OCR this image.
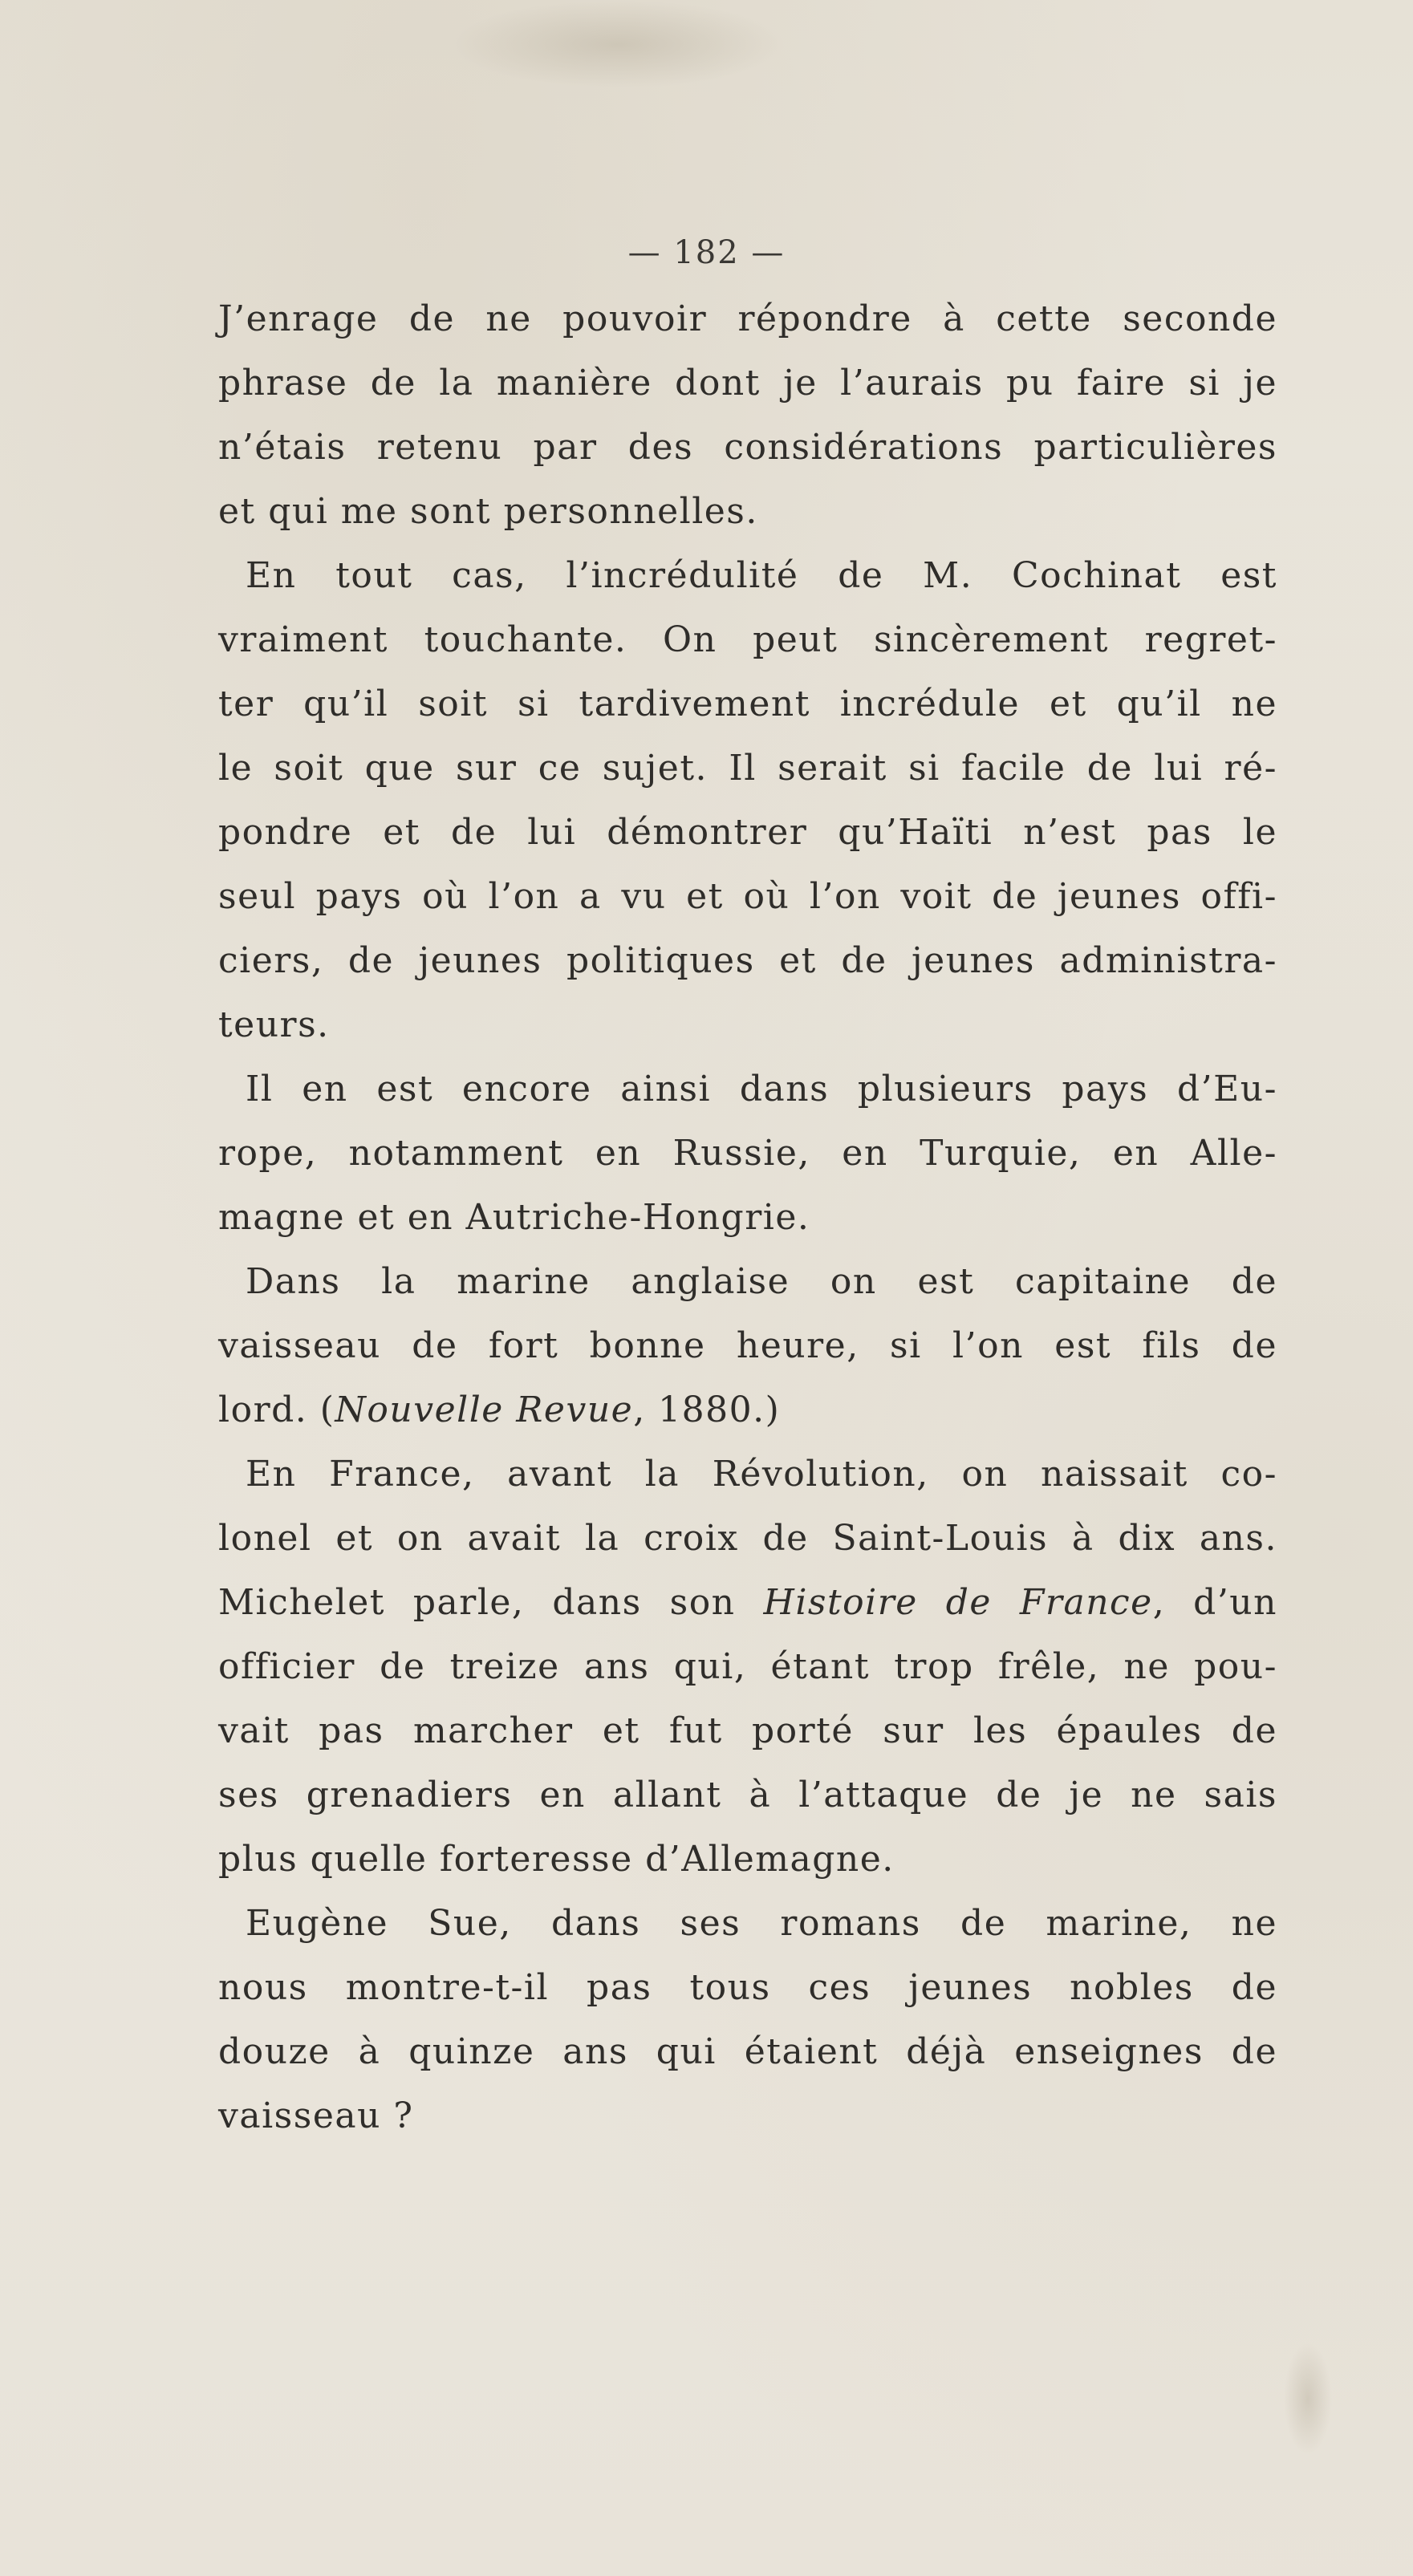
— 182 —
J’enrage de ne pouvoir répondre à cette seconde
phrase de la manière dont je l’aurais pu faire si je
n’étais retenu par des considérations particulières
et qui me sont personnelles.
En tout cas, l’incrédulité de M. Cochinat est
vraiment touchante. On peut sincèrement regret-
ter qu’il soit si tardivement incrédule et qu’il ne
le soit que sur ce sujet. Il serait si facile de lui ré-
pondre et de lui démontrer qu’Haïti n’est pas le
seul pays où l’on a vu et où l’on voit de jeunes offi-
ciers, de jeunes politiques et de jeunes administra-
teurs.
Il en est encore ainsi dans plusieurs pays d’Eu-
rope, notamment en Russie, en Turquie, en Alle-
magne et en Autriche-Hongrie.
Dans la marine anglaise on est capitaine de
vaisseau de fort bonne heure, si l’on est fils de
lord. (Nouvelle Revue, 1880.)
En France, avant la Révolution, on naissait co-
lonel et on avait la croix de Saint-Louis à dix ans.
Michelet parle, dans son Histoire de France, d’un
officier de treize ans qui, étant trop frêle, ne pou-
vait pas marcher et fut porté sur les épaules de
ses grenadiers en allant à l’attaque de je ne sais
plus quelle forteresse d’Allemagne.
Eugène Sue, dans ses romans de marine, ne
nous montre-t-il pas tous ces jeunes nobles de
douze à quinze ans qui étaient déjà enseignes de
vaisseau ?
